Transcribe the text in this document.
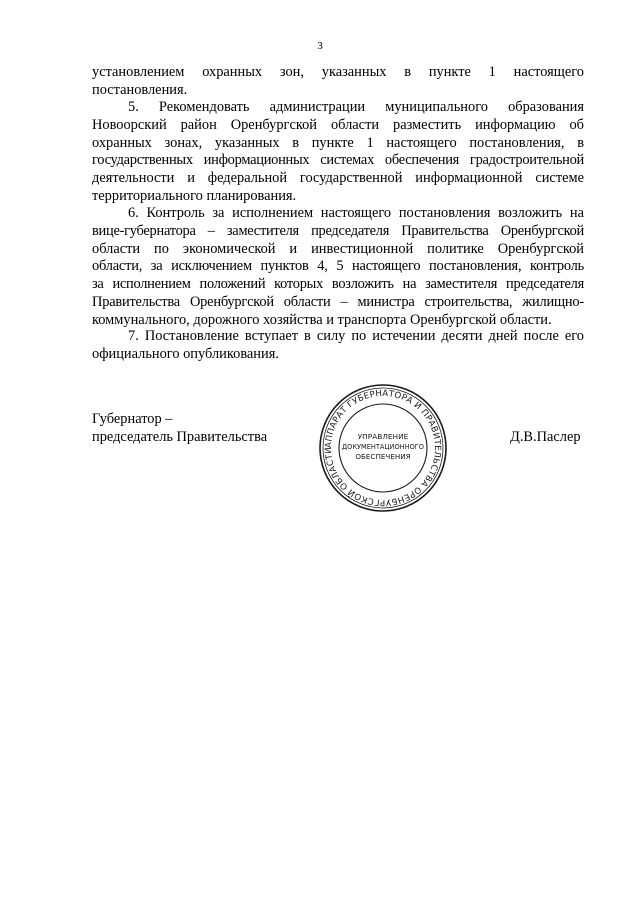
3
установлением охранных зон, указанных в пункте 1 настоящего
постановления.
5. Рекомендовать администрации муниципального образования
Новоорский район Оренбургской области разместить информацию об
охранных зонах, указанных в пункте 1 настоящего постановления, в
государственных информационных системах обеспечения градостроительной
деятельности и федеральной государственной информационной системе
территориального планирования.
6. Контроль за исполнением настоящего постановления возложить на
вице-губернатора – заместителя председателя Правительства Оренбургской
области по экономической и инвестиционной политике Оренбургской
области, за исключением пунктов 4, 5 настоящего постановления, контроль
за исполнением положений которых возложить на заместителя председателя
Правительства Оренбургской области – министра строительства, жилищно-
коммунального, дорожного хозяйства и транспорта Оренбургской области.
7. Постановление вступает в силу по истечении десяти дней после его
официального опубликования.
Губернатор –
председатель Правительства	Д.В.Паслер
АППАРАТ ГУБЕРНАТОРА И ПРАВИТЕЛЬСТВА ОРЕНБУРГСКОЙ ОБЛАСТИ
УПРАВЛЕНИЕ
ДОКУМЕНТАЦИОННОГО
ОБЕСПЕЧЕНИЯ
